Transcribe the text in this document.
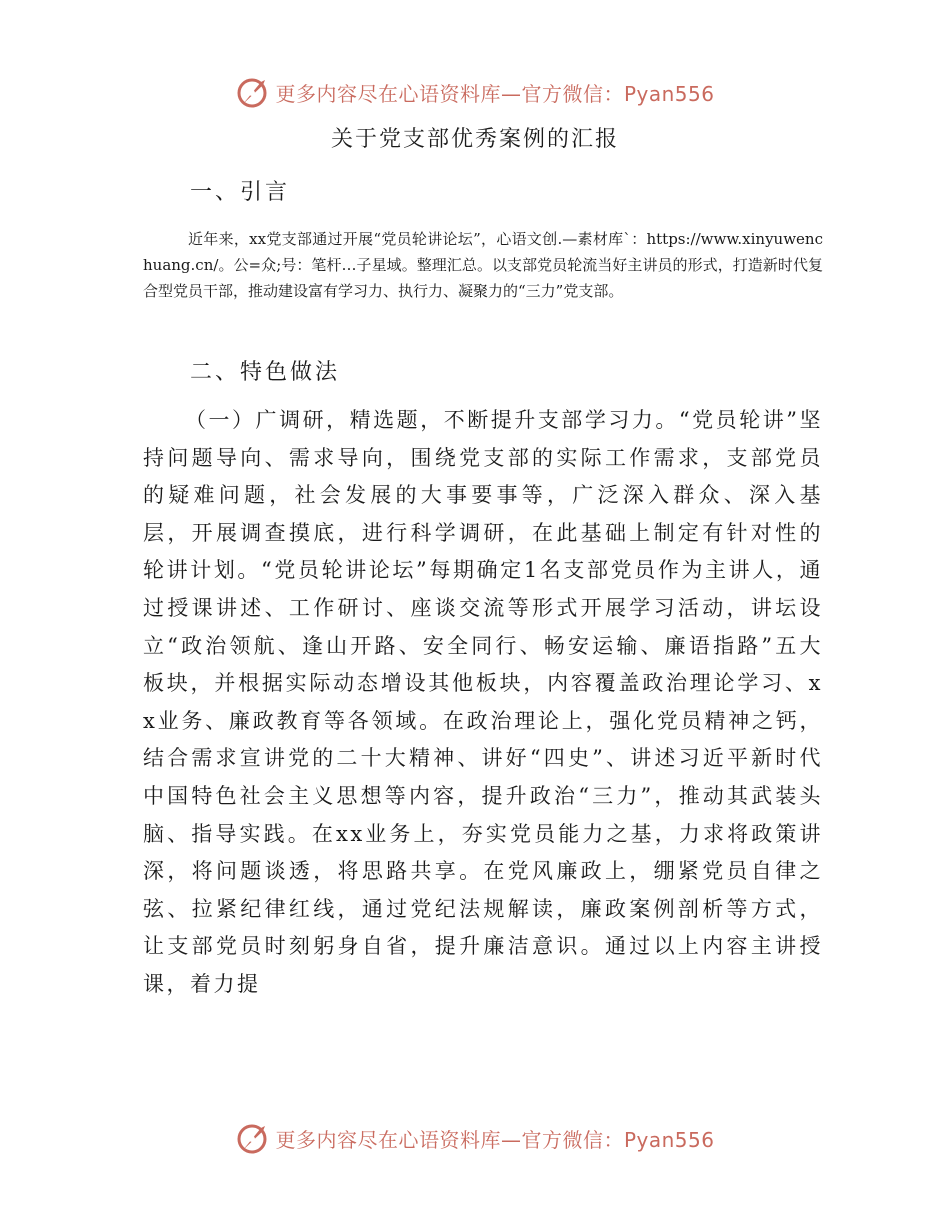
更多内容尽在心语资料库—官方微信：Pyan556
关于党支部优秀案例的汇报
一、引言

近年来，xx党支部通过开展“党员轮讲论坛”，心语文创.—素材库`：https://www.xinyuwenchuang.cn/。公=众;号：笔杆…子星域。整理汇总。以支部党员轮流当好主讲员的形式，打造新时代复合型党员干部，推动建设富有学习力、执行力、凝聚力的“三力”党支部。

二、特色做法

（一）广调研，精选题，不断提升支部学习力。“党员轮讲”坚持问题导向、需求导向，围绕党支部的实际工作需求，支部党员的疑难问题，社会发展的大事要事等，广泛深入群众、深入基层，开展调查摸底，进行科学调研，在此基础上制定有针对性的轮讲计划。“党员轮讲论坛”每期确定1名支部党员作为主讲人，通过授课讲述、工作研讨、座谈交流等形式开展学习活动，讲坛设立“政治领航、逢山开路、安全同行、畅安运输、廉语指路”五大板块，并根据实际动态增设其他板块，内容覆盖政治理论学习、xx业务、廉政教育等各领域。在政治理论上，强化党员精神之钙，结合需求宣讲党的二十大精神、讲好“四史”、讲述习近平新时代中国特色社会主义思想等内容，提升政治“三力”，推动其武装头脑、指导实践。在xx业务上，夯实党员能力之基，力求将政策讲深，将问题谈透，将思路共享。在党风廉政上，绷紧党员自律之弦、拉紧纪律红线，通过党纪法规解读，廉政案例剖析等方式，让支部党员时刻躬身自省，提升廉洁意识。通过以上内容主讲授课，着力提

更多内容尽在心语资料库—官方微信：Pyan556
